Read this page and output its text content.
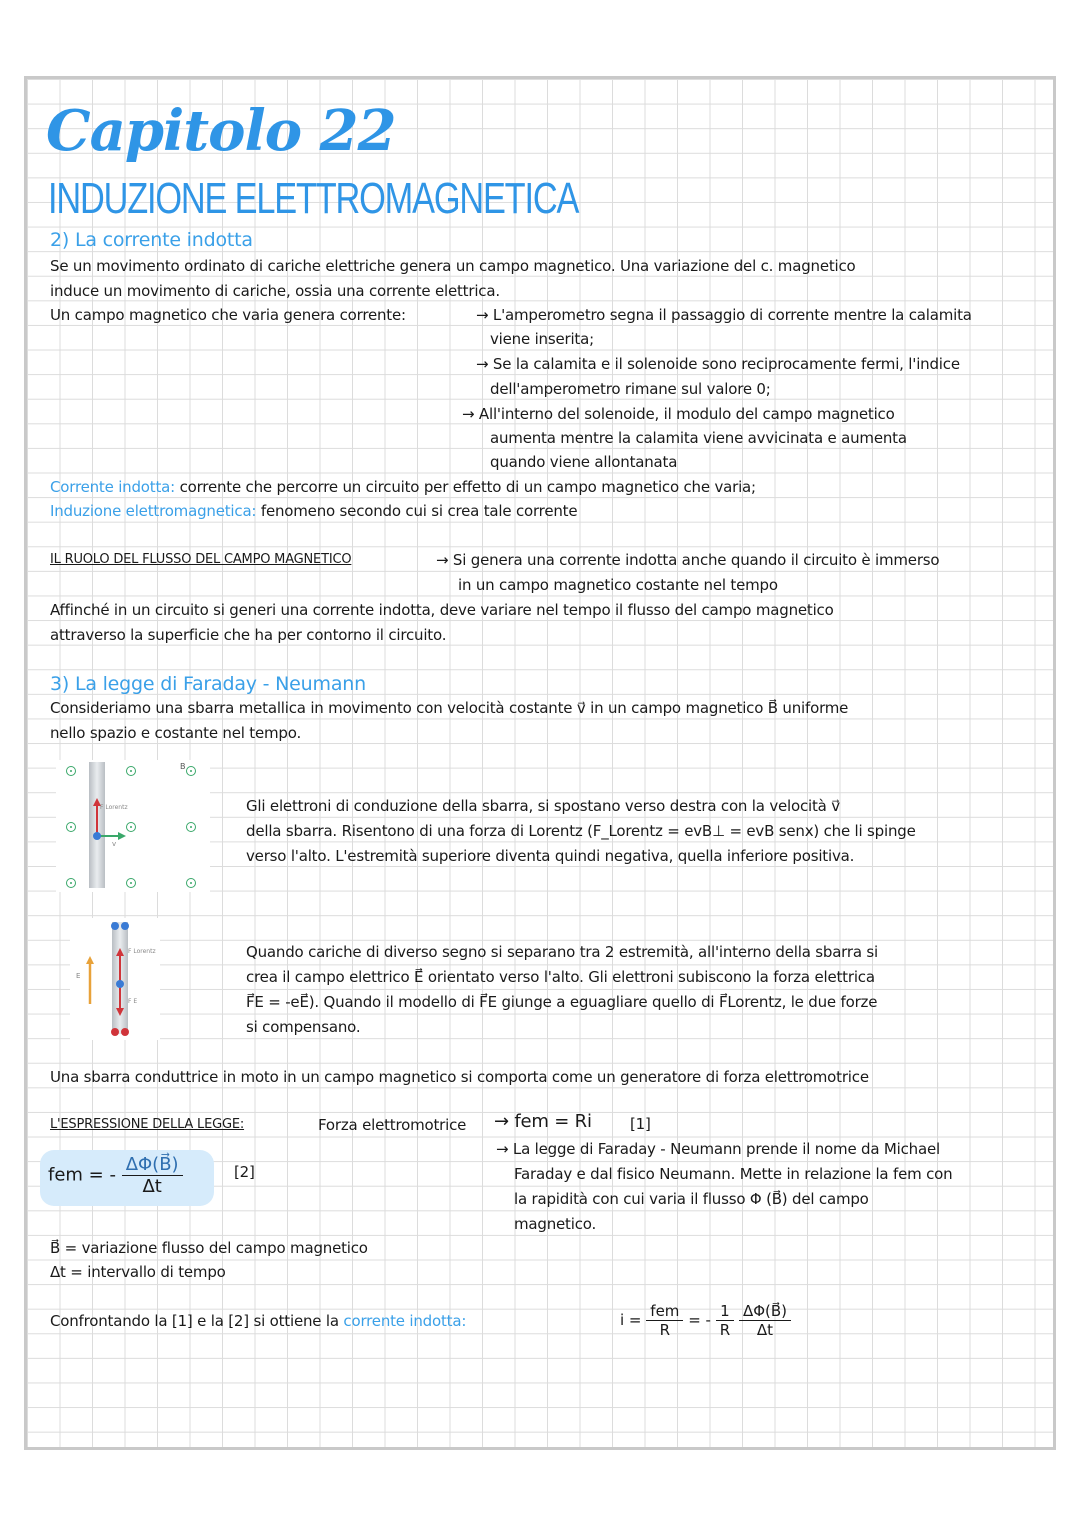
Capitolo 22
INDUZIONE ELETTROMAGNETICA
2) La corrente indotta
Se un movimento ordinato di cariche elettriche genera un campo magnetico. Una variazione del c. magnetico
induce un movimento di cariche, ossia una corrente elettrica.
Un campo magnetico che varia genera corrente:	→ L'amperometro segna il passaggio di corrente mentre la calamita
viene inserita;
→ Se la calamita e il solenoide sono reciprocamente fermi, l'indice
dell'amperometro rimane sul valore 0;
→ All'interno del solenoide, il modulo del campo magnetico
aumenta mentre la calamita viene avvicinata e aumenta
quando viene allontanata
Corrente indotta: corrente che percorre un circuito per effetto di un campo magnetico che varia;
Induzione elettromagnetica: fenomeno secondo cui si crea tale corrente
IL RUOLO DEL FLUSSO DEL CAMPO MAGNETICO	→ Si genera una corrente indotta anche quando il circuito è immerso
in un campo magnetico costante nel tempo
Affinché in un circuito si generi una corrente indotta, deve variare nel tempo il flusso del campo magnetico
attraverso la superficie che ha per contorno il circuito.
3) La legge di Faraday - Neumann
Consideriamo una sbarra metallica in movimento con velocità costante v⃗ in un campo magnetico B⃗ uniforme
nello spazio e costante nel tempo.
B
F Lorentz
v
Gli elettroni di conduzione della sbarra, si spostano verso destra con la velocità v⃗
della sbarra. Risentono di una forza di Lorentz (F_Lorentz = evB⊥ = evB senx) che li spinge
verso l'alto. L'estremità superiore diventa quindi negativa, quella inferiore positiva.
E
F Lorentz
F E
Quando cariche di diverso segno si separano tra 2 estremità, all'interno della sbarra si
crea il campo elettrico E⃗ orientato verso l'alto. Gli elettroni subiscono la forza elettrica
F⃗E = -eE⃗). Quando il modello di F⃗E giunge a eguagliare quello di F⃗Lorentz, le due forze
si compensano.
Una sbarra conduttrice in moto in un campo magnetico si comporta come un generatore di forza elettromotrice
L'ESPRESSIONE DELLA LEGGE:	Forza elettromotrice → fem = Ri	[1]
fem = - $\frac{\Delta\Phi(B⃗)}{\Delta t}$	[2]
→ La legge di Faraday - Neumann prende il nome da Michael
Faraday e dal fisico Neumann. Mette in relazione la fem con
la rapidità con cui varia il flusso Φ (B⃗) del campo
magnetico.
B⃗ = variazione flusso del campo magnetico
Δt = intervallo di tempo
Confrontando la [1] e la [2] si ottiene la corrente indotta:	$i = \frac{\text{fem}}{R}$ = - $\frac{1}{R}$
$\frac{\Delta\Phi(B⃗)}{\Delta t}$
